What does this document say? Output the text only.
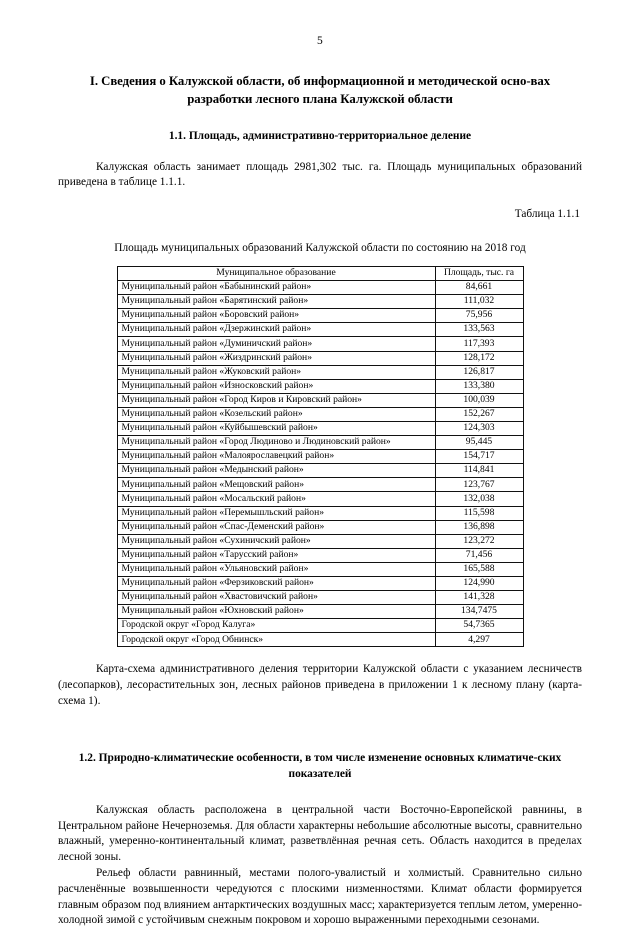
5
I. Сведения о Калужской области, об информационной и методической осно-вах разработки лесного плана Калужской области
1.1. Площадь, административно-территориальное деление

Калужская область занимает площадь 2981,302 тыс. га. Площадь муниципальных образований приведена в таблице 1.1.1.

Таблица 1.1.1
Площадь муниципальных образований Калужской области по состоянию на 2018 год
Муниципальное образование	Площадь, тыс. га
Муниципальный район «Бабынинский район»	84,661
Муниципальный район «Барятинский район»	111,032
Муниципальный район «Боровский район»	75,956
Муниципальный район «Дзержинский район»	133,563
Муниципальный район «Думиничский район»	117,393
Муниципальный район «Жиздринский район»	128,172
Муниципальный район «Жуковский район»	126,817
Муниципальный район «Износковский район»	133,380
Муниципальный район «Город Киров и Кировский район»	100,039
Муниципальный район «Козельский район»	152,267
Муниципальный район «Куйбышевский район»	124,303
Муниципальный район «Город Людиново и Людиновский район»	95,445
Муниципальный район «Малоярославецкий район»	154,717
Муниципальный район «Медынский район»	114,841
Муниципальный район «Мещовский район»	123,767
Муниципальный район «Мосальский район»	132,038
Муниципальный район «Перемышльский район»	115,598
Муниципальный район «Спас-Деменский район»	136,898
Муниципальный район «Сухиничский район»	123,272
Муниципальный район «Тарусский район»	71,456
Муниципальный район «Ульяновский район»	165,588
Муниципальный район «Ферзиковский район»	124,990
Муниципальный район «Хвастовичский район»	141,328
Муниципальный район «Юхновский район»	134,7475
Городской округ «Город Калуга»	54,7365
Городской округ «Город Обнинск»	4,297

Карта-схема административного деления территории Калужской области с указанием лесничеств (лесопарков), лесорастительных зон, лесных районов приведена в приложении 1 к лесному плану (карта-схема 1).

1.2. Природно-климатические особенности, в том числе изменение основных климатиче-ских показателей

Калужская область расположена в центральной части Восточно-Европейской равнины, в Центральном районе Нечерноземья. Для области характерны небольшие абсолютные высоты, сравнительно влажный, умеренно-континентальный климат, разветвлённая речная сеть. Область находится в пределах лесной зоны.

Рельеф области равнинный, местами полого-увалистый и холмистый. Сравнительно сильно расчленённые возвышенности чередуются с плоскими низменностями. Климат области формируется главным образом под влиянием антарктических воздушных масс; характеризуется теплым летом, умеренно-холодной зимой с устойчивым снежным покровом и хорошо выраженными переходными сезонами.
